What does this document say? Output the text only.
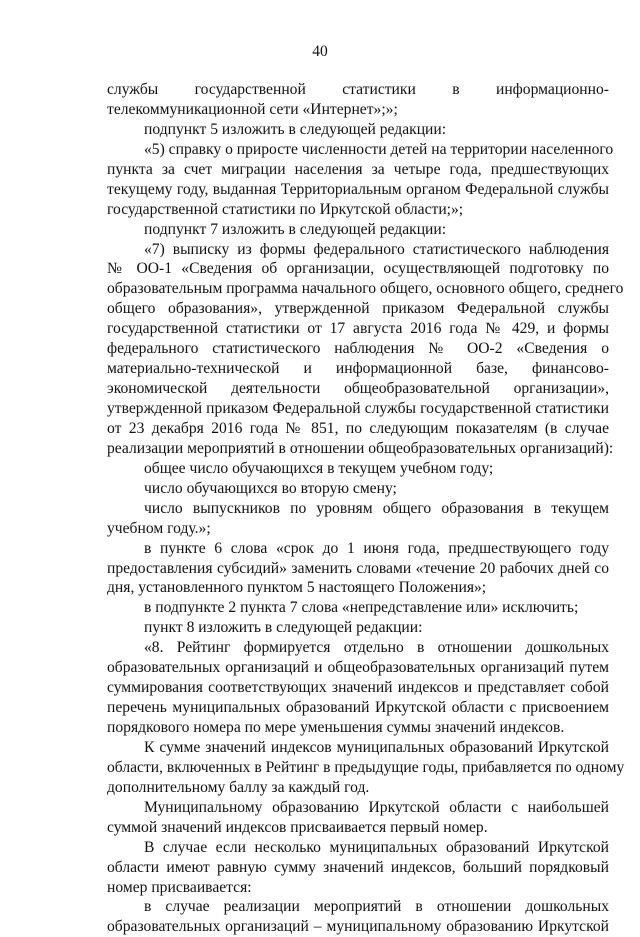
40
службы государственной статистики в информационно-
телекоммуникационной сети «Интернет»;»;
подпункт 5 изложить в следующей редакции:
«5) справку о приросте численности детей на территории населенного
пункта за счет миграции населения за четыре года, предшествующих
текущему году, выданная Территориальным органом Федеральной службы
государственной статистики по Иркутской области;»;
подпункт 7 изложить в следующей редакции:
«7) выписку из формы федерального статистического наблюдения
№ ОО-1 «Сведения об организации, осуществляющей подготовку по
образовательным программа начального общего, основного общего, среднего
общего образования», утвержденной приказом Федеральной службы
государственной статистики от 17 августа 2016 года № 429, и формы
федерального статистического наблюдения № ОО-2 «Сведения о
материально-технической и информационной базе, финансово-
экономической деятельности общеобразовательной организации»,
утвержденной приказом Федеральной службы государственной статистики
от 23 декабря 2016 года № 851, по следующим показателям (в случае
реализации мероприятий в отношении общеобразовательных организаций):
общее число обучающихся в текущем учебном году;
число обучающихся во вторую смену;
число выпускников по уровням общего образования в текущем
учебном году.»;
в пункте 6 слова «срок до 1 июня года, предшествующего году
предоставления субсидий» заменить словами «течение 20 рабочих дней со
дня, установленного пунктом 5 настоящего Положения»;
в подпункте 2 пункта 7 слова «непредставление или» исключить;
пункт 8 изложить в следующей редакции:
«8. Рейтинг формируется отдельно в отношении дошкольных
образовательных организаций и общеобразовательных организаций путем
суммирования соответствующих значений индексов и представляет собой
перечень муниципальных образований Иркутской области с присвоением
порядкового номера по мере уменьшения суммы значений индексов.
К сумме значений индексов муниципальных образований Иркутской
области, включенных в Рейтинг в предыдущие годы, прибавляется по одному
дополнительному баллу за каждый год.
Муниципальному образованию Иркутской области с наибольшей
суммой значений индексов присваивается первый номер.
В случае если несколько муниципальных образований Иркутской
области имеют равную сумму значений индексов, больший порядковый
номер присваивается:
в случае реализации мероприятий в отношении дошкольных
образовательных организаций – муниципальному образованию Иркутской
